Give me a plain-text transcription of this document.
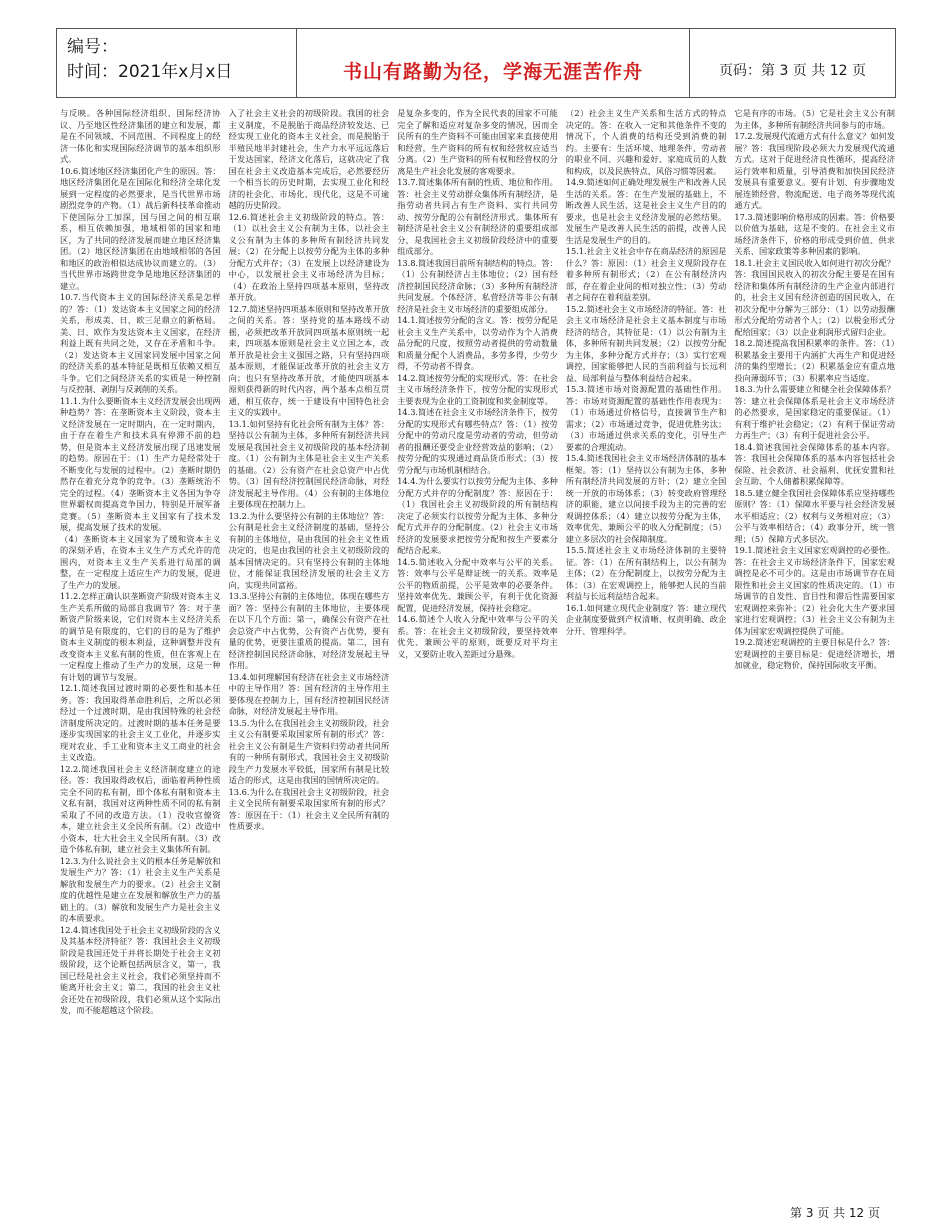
编号：
时间：2021年x月x日	书山有路勤为径，学海无涯苦作舟	页码：第 3 页 共 12 页

与反映。各种国际经济组织、国际经济协议、乃至地区性经济集团的建立和发展，都是在不同领域、不同范围、不同程度上的经济一体化和实现国际经济调节的基本组织形式。

10.6.简述地区经济集团化产生的原因。答：地区经济集团化是在国际化和经济全球化发展到一定程度的必然要求，是当代世界市场剧烈竞争的产物。（1）战后新科技革命推动下使国际分工加深，国与国之间的相互联系，相互依赖加强，地域相邻的国家和地区，为了共同的经济发展而建立地区经济集团。（2）地区经济集团在由地域相邻的各国和地区的政治相似达成协议而建立的。（3）当代世界市场跨世竞争是地地区经济集团的建立。

10.7.当代资本主义的国际经济关系是怎样的？答：（1）发达资本主义国家之间的经济关系，形成美、日、欧三足鼎立的新格局。美、日、欧作为发达资本主义国家，在经济利益上既有共同之处，又存在矛盾和斗争。（2）发达资本主义国家同发展中国家之间的经济关系的基本特征是既相互依赖又相互斗争。它们之间经济关系的实质是一种控制与反控制、剥削与反剥削的关系。

11.1.为什么要断资本主义经济发展会出现两种趋势？答：在垄断资本主义阶段，资本主义经济发展在一定时期内，在一定时期内，由于存在着生产和技术具有停滞不前的趋势，但是资本主义经济发展出现了迅速发展的趋势。原因在于：（1）生产力是经常处于不断变化与发展的过程中。（2）垄断时期仍然存在着充分竞争的竞争。（3）垄断统治不完全的过程。（4）垄断资本主义各国为争夺世界霸权而提高竞争国力，特别是开展军备竞赛。（5）垄断资本主义国家有了技术发展，提高发展了技术的发展。

（4）垄断资本主义国家为了缓和资本主义的深刻矛盾，在资本主义生产方式允许的范围内，对资本主义生产关系进行局部的调整，在一定程度上适应生产力的发展，促进了生产力的发展。

11.2.怎样正确认识垄断资产阶级对资本主义生产关系所做的局部自我调节？答：对于垄断资产阶级来说，它们对资本主义经济关系的调节是有限度的，它们的目的是为了维护资本主义制度的根本利益，这种调整并没有改变资本主义私有制的性质，但在客观上在一定程度上推动了生产力的发展，这是一种有计划的调节与发展。

12.1.简述我国过渡时期的必要性和基本任务。答：我国取得革命胜利后，之所以必须经过一个过渡时期，是由我国特殊的社会经济制度所决定的。过渡时期的基本任务是要逐步实现国家的社会主义工业化，并逐步实现对农业、手工业和资本主义工商业的社会主义改造。

12.2.简述我国社会主义经济制度建立的途径。答：我国取得政权后，面临着两种性质完全不同的私有制，即个体私有制和资本主义私有制，我国对这两种性质不同的私有制采取了不同的改造方法。（1）没收官僚资本，建立社会主义全民所有制。（2）改造中小资本，壮大社会主义全民所有制。（3）改造个体私有制，建立社会主义集体所有制。

12.3.为什么说社会主义的根本任务是解放和发展生产力？答：（1）社会主义生产关系是解放和发展生产力的要求。（2）社会主义制度的优越性是建立在发展和解放生产力的基础上的。（3）解放和发展生产力是社会主义的本质要求。

12.4.简述我国处于社会主义初级阶段的含义及其基本经济特征？答：我国社会主义初级阶段是我国还处于并将长期处于社会主义初级阶段，这个论断包括两层含义，第一，我国已经是社会主义社会，我们必须坚持而不能离开社会主义；第二，我国的社会主义社会还处在初级阶段，我们必须从这个实际出发，而不能超越这个阶段。

入了社会主义社会的初级阶段。我国的社会主义制度，不是脱胎于商品经济较发达、已经实现工业化的资本主义社会，而是脱胎于半殖民地半封建社会，生产力水平远远落后于发达国家，经济文化落后，这就决定了我国在社会主义改造基本完成后，必然要经历一个相当长的历史时期，去实现工业化和经济的社会化、市场化、现代化，这是不可逾越的历史阶段。

12.6.简述社会主义初级阶段的特点。答：（1）以社会主义公有制为主体，以社会主义公有制为主体的多种所有制经济共同发展；（2）在分配上以按劳分配为主体的多种分配方式并存；（3）在发展上以经济建设为中心，以发展社会主义市场经济为目标；（4）在政治上坚持四项基本原则，坚持改革开放。

12.7.简述坚持四项基本原则和坚持改革开放之间的关系。答：坚持党的基本路线不动摇，必须把改革开放同四项基本原则统一起来，四项基本原则是社会主义立国之本，改革开放是社会主义强国之路，只有坚持四项基本原则，才能保证改革开放的社会主义方向；也只有坚持改革开放，才能使四项基本原则获得新的时代内容，两个基本点相互贯通，相互依存，统一于建设有中国特色社会主义的实践中。

13.1.如何坚持有化社会所有制为主体？答：坚持以公有制为主体，多种所有制经济共同发展是我国社会主义初级阶段的基本经济制度。（1）公有制为主体是社会主义生产关系的基础。（2）公有资产在社会总资产中占优势。（3）国有经济控制国民经济命脉，对经济发展起主导作用。（4）公有制的主体地位主要体现在控制力上。

13.2.为什么要坚持公有制的主体地位？答：公有制是社会主义经济制度的基础，坚持公有制的主体地位，是由我国的社会主义性质决定的，也是由我国的社会主义初级阶段的基本国情决定的。只有坚持公有制的主体地位，才能保证我国经济发展的社会主义方向，实现共同富裕。

13.3.坚持公有制的主体地位，体现在哪些方面？答：坚持公有制的主体地位，主要体现在以下几个方面：第一，确保公有资产在社会总资产中占优势，公有资产占优势，要有量的优势，更要注重质的提高。第二，国有经济控制国民经济命脉，对经济发展起主导作用。

13.4.如何理解国有经济在社会主义市场经济中的主导作用？答：国有经济的主导作用主要体现在控制力上，国有经济控制国民经济命脉，对经济发展起主导作用。

13.5.为什么在我国社会主义初级阶段，社会主义公有制要采取国家所有制的形式？答：社会主义公有制是生产资料归劳动者共同所有的一种所有制形式，我国社会主义初级阶段生产力发展水平较低，国家所有制是比较适合的形式，这是由我国的国情所决定的。

13.6.为什么在我国社会主义初级阶段，社会主义全民所有制要采取国家所有制的形式？答：原因在于：（1）社会主义全民所有制的性质要求。

是复杂多变的，作为全民代表的国家不可能完全了解和适应对复杂多变的情况，因而全民所有的生产资料不可能由国家来直接使用和经营，生产资料的所有权和经营权应适当分离。（2）生产资料的所有权和经营权的分离是生产社会化发展的客观要求。

13.7.简述集体所有制的性质、地位和作用。答：社会主义劳动群众集体所有制经济，是指劳动者共同占有生产资料、实行共同劳动、按劳分配的公有制经济形式。集体所有制经济是社会主义公有制经济的重要组成部分，是我国社会主义初级阶段经济中的重要组成部分。

13.8.简述我国目前所有制结构的特点。答：（1）公有制经济占主体地位；（2）国有经济控制国民经济命脉；（3）多种所有制经济共同发展。个体经济、私营经济等非公有制经济是社会主义市场经济的重要组成部分。

14.1.简述按劳分配的含义。答：按劳分配是社会主义生产关系中，以劳动作为个人消费品分配的尺度，按照劳动者提供的劳动数量和质量分配个人消费品，多劳多得，少劳少得，不劳动者不得食。

14.2.简述按劳分配的实现形式。答：在社会主义市场经济条件下，按劳分配的实现形式主要表现为企业的工资制度和奖金制度等。

14.3.简述在社会主义市场经济条件下，按劳分配的实现形式有哪些特点？答：（1）按劳分配中的劳动尺度是劳动者的劳动，但劳动者的报酬还要受企业经营效益的影响；（2）按劳分配的实现通过商品货币形式；（3）按劳分配与市场机制相结合。

14.4.为什么要实行以按劳分配为主体、多种分配方式并存的分配制度？答：原因在于：（1）我国社会主义初级阶段的所有制结构决定了必须实行以按劳分配为主体、多种分配方式并存的分配制度。（2）社会主义市场经济的发展要求把按劳分配和按生产要素分配结合起来。

14.5.简述收入分配中效率与公平的关系。答：效率与公平是辩证统一的关系。效率是公平的物质前提，公平是效率的必要条件。坚持效率优先、兼顾公平，有利于优化资源配置，促进经济发展，保持社会稳定。

14.6.简述个人收入分配中效率与公平的关系。答：在社会主义初级阶段，要坚持效率优先、兼顾公平的原则，既要反对平均主义，又要防止收入差距过分悬殊。

（2）社会主义生产关系和生活方式的特点决定的。答：在收入一定和其他条件不变的情况下，个人消费的结构还受到消费的制约。主要有：生活环境、地理条件、劳动者的职业不同、兴趣和爱好、家庭成员的人数和构成，以及民族特点、风俗习惯等因素。

14.9.简述如何正确处理发展生产和改善人民生活的关系。答：在生产发展的基础上，不断改善人民生活，这是社会主义生产目的的要求，也是社会主义经济发展的必然结果。发展生产是改善人民生活的前提，改善人民生活是发展生产的目的。

15.1.社会主义社会中存在商品经济的原因是什么？答：原因：（1）社会主义现阶段存在着多种所有制形式；（2）在公有制经济内部，存在着企业间的相对独立性；（3）劳动者之间存在着利益差别。

15.2.简述社会主义市场经济的特征。答：社会主义市场经济是社会主义基本制度与市场经济的结合，其特征是：（1）以公有制为主体，多种所有制共同发展；（2）以按劳分配为主体，多种分配方式并存；（3）实行宏观调控，国家能够把人民的当前利益与长远利益、局部利益与整体利益结合起来。

15.3.简述市场对资源配置的基础性作用。答：市场对资源配置的基础性作用表现为：（1）市场通过价格信号，直接调节生产和需求；（2）市场通过竞争，促进优胜劣汰；（3）市场通过供求关系的变化，引导生产要素的合理流动。

15.4.简述我国社会主义市场经济体制的基本框架。答：（1）坚持以公有制为主体，多种所有制经济共同发展的方针；（2）建立全国统一开放的市场体系；（3）转变政府管理经济的职能，建立以间接手段为主的完善的宏观调控体系；（4）建立以按劳分配为主体，效率优先、兼顾公平的收入分配制度；（5）建立多层次的社会保障制度。

15.5.简述社会主义市场经济体制的主要特征。答：（1）在所有制结构上，以公有制为主体；（2）在分配制度上，以按劳分配为主体；（3）在宏观调控上，能够把人民的当前利益与长远利益结合起来。

16.1.如何建立现代企业制度？答：建立现代企业制度要做到产权清晰、权责明确、政企分开、管理科学。

它是有序的市场。（5）它是社会主义公有制为主体，多种所有制经济共同参与的市场。

17.2.发展现代流通方式有什么意义？如何发展？答：我国现阶段必须大力发展现代流通方式。这对于促进经济良性循环，提高经济运行效率和质量，引导消费和加快国民经济发展具有重要意义。要有计划、有步骤地发展连锁经营、物流配送、电子商务等现代流通方式。

17.3.简述影响价格形成的因素。答：价格要以价值为基础，这是不变的。在社会主义市场经济条件下，价格的形成受到价值、供求关系、国家政策等多种因素的影响。

18.1.社会主义国民收入如何进行初次分配？答：我国国民收入的初次分配主要是在国有经济和集体所有制经济的生产企业内部进行的，社会主义国有经济创造的国民收入，在初次分配中分解为三部分：（1）以劳动报酬形式分配给劳动者个人；（2）以税金形式分配给国家；（3）以企业利润形式留归企业。

18.2.简述提高我国积累率的条件。答：（1）积累基金主要用于内涵扩大再生产和促进经济的集约型增长；（2）积累基金应有重点地投向薄弱环节；（3）积累率应当适度。

18.3.为什么需要建立和健全社会保障体系？答：建立社会保障体系是社会主义市场经济的必然要求，是国家稳定的重要保证。（1）有利于维护社会稳定；（2）有利于保证劳动力再生产；（3）有利于促进社会公平。

18.4.简述我国社会保障体系的基本内容。答：我国社会保障体系的基本内容包括社会保险、社会救济、社会福利、优抚安置和社会互助、个人储蓄积累保障等。

18.5.建立健全我国社会保障体系应坚持哪些原则？答：（1）保障水平要与社会经济发展水平相适应；（2）权利与义务相对应；（3）公平与效率相结合；（4）政事分开，统一管理；（5）保障方式多层次。

19.1.简述社会主义国家宏观调控的必要性。答：在社会主义市场经济条件下，国家宏观调控是必不可少的。这是由市场调节存在局限性和社会主义国家的性质决定的。（1）市场调节的自发性、盲目性和滞后性需要国家宏观调控来弥补；（2）社会化大生产要求国家进行宏观调控；（3）社会主义公有制为主体为国家宏观调控提供了可能。

19.2.简述宏观调控的主要目标是什么？答：宏观调控的主要目标是：促进经济增长，增加就业，稳定物价，保持国际收支平衡。

第 3 页 共 12 页
